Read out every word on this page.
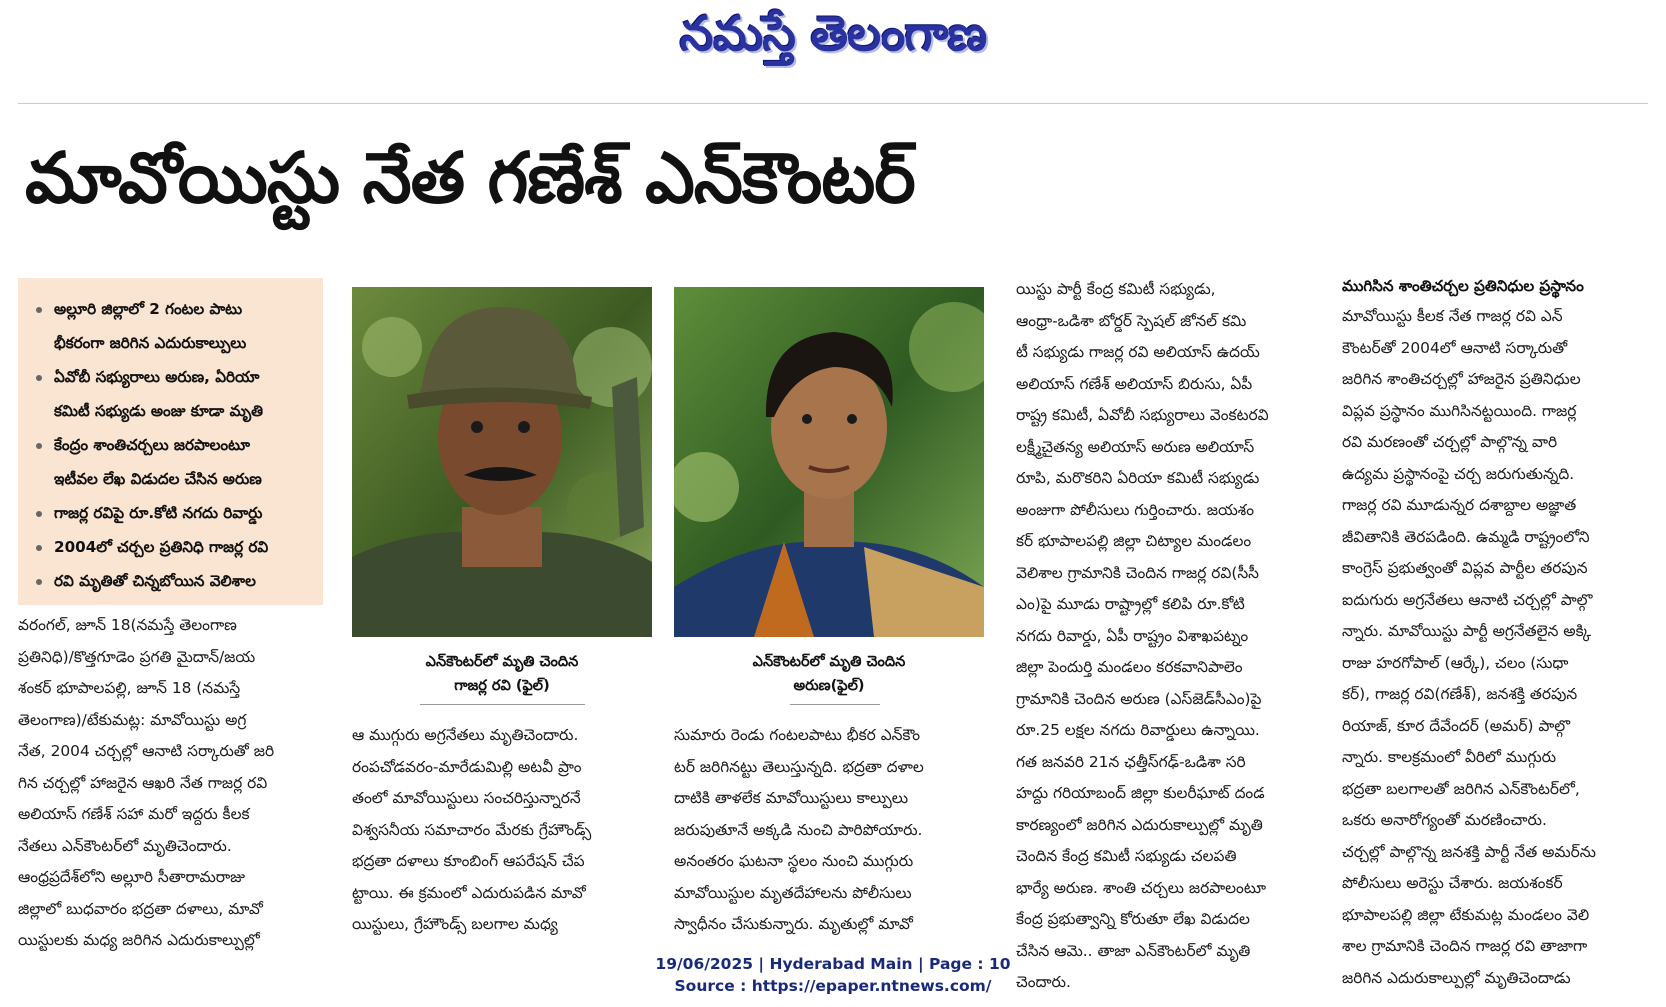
నమస్తే తెలంగాణ
మావోయిస్టు నేత గణేశ్ ఎన్‌కౌంటర్
అల్లూరి జిల్లాలో 2 గంటల పాటు
భీకరంగా జరిగిన ఎదురుకాల్పులు
ఏవోబీ సభ్యురాలు అరుణ, ఏరియా
కమిటీ సభ్యుడు అంజు కూడా మృతి
కేంద్రం శాంతిచర్చలు జరపాలంటూ
ఇటీవల లేఖ విడుదల చేసిన అరుణ
గాజర్ల రవిపై రూ.కోటి నగదు రివార్డు
2004లో చర్చల ప్రతినిధి గాజర్ల రవి
రవి మృతితో చిన్నబోయిన వెలిశాల

వరంగల్, జూన్ 18(నమస్తే తెలంగాణ

ప్రతినిధి)/కొత్తగూడెం ప్రగతి మైదాన్/జయ

శంకర్ భూపాలపల్లి, జూన్ 18 (నమస్తే

తెలంగాణ)/టేకుమట్ల: మావోయిస్టు అగ్ర

నేత, 2004 చర్చల్లో ఆనాటి సర్కారుతో జరి

గిన చర్చల్లో హాజరైన ఆఖరి నేత గాజర్ల రవి

అలియాస్ గణేశ్ సహా మరో ఇద్దరు కీలక

నేతలు ఎన్‌కౌంటర్‌లో మృతిచెందారు.

ఆంధ్రప్రదేశ్‌లోని అల్లూరి సీతారామరాజు

జిల్లాలో బుధవారం భద్రతా దళాలు, మావో

యిస్టులకు మధ్య జరిగిన ఎదురుకాల్పుల్లో

ఎన్‌కౌంటర్‌లో మృతి చెందిన
గాజర్ల రవి (ఫైల్)
ఎన్‌కౌంటర్‌లో మృతి చెందిన
అరుణ(ఫైల్)

ఆ ముగ్గురు అగ్రనేతలు మృతిచెందారు.

రంపచోడవరం-మారేడుమిల్లి అటవీ ప్రాం

తంలో మావోయిస్టులు సంచరిస్తున్నారనే

విశ్వసనీయ సమాచారం మేరకు గ్రేహౌండ్స్

భద్రతా దళాలు కూంబింగ్ ఆపరేషన్ చేప

ట్టాయి. ఈ క్రమంలో ఎదురుపడిన మావో

యిస్టులు, గ్రేహౌండ్స్ బలగాల మధ్య

సుమారు రెండు గంటలపాటు భీకర ఎన్‌కౌం

టర్ జరిగినట్టు తెలుస్తున్నది. భద్రతా దళాల

దాటికి తాళలేక మావోయిస్టులు కాల్పులు

జరుపుతూనే అక్కడి నుంచి పారిపోయారు.

అనంతరం ఘటనా స్థలం నుంచి ముగ్గురు

మావోయిస్టుల మృతదేహాలను పోలీసులు

స్వాధీనం చేసుకున్నారు. మృతుల్లో మావో

యిస్టు పార్టీ కేంద్ర కమిటీ సభ్యుడు,

ఆంధ్రా-ఒడిశా బోర్డర్ స్పెషల్ జోనల్ కమి

టీ సభ్యుడు గాజర్ల రవి అలియాస్ ఉదయ్

అలియాస్ గణేశ్ అలియాస్ బిరుసు, ఏపీ

రాష్ట్ర కమిటీ, ఏవోబీ సభ్యురాలు వెంకటరవి

లక్ష్మీచైతన్య అలియాస్ అరుణ అలియాస్

రూపి, మరొకరిని ఏరియా కమిటీ సభ్యుడు

అంజుగా పోలీసులు గుర్తించారు. జయశం

కర్ భూపాలపల్లి జిల్లా చిట్యాల మండలం

వెలిశాల గ్రామానికి చెందిన గాజర్ల రవి(సీసీ

ఎం)పై మూడు రాష్ట్రాల్లో కలిపి రూ.కోటి

నగదు రివార్డు, ఏపీ రాష్ట్రం విశాఖపట్నం

జిల్లా పెందుర్తి మండలం కరకవానిపాలెం

గ్రామానికి చెందిన అరుణ (ఎస్‌జెడ్‌సీఎం)పై

రూ.25 లక్షల నగదు రివార్డులు ఉన్నాయి.

గత జనవరి 21న ఛత్తీస్‌గఢ్-ఒడిశా సరి

హద్దు గరియాబంద్ జిల్లా కులరీఘాట్ దండ

కారణ్యంలో జరిగిన ఎదురుకాల్పుల్లో మృతి

చెందిన కేంద్ర కమిటీ సభ్యుడు చలపతి

భార్యే అరుణ. శాంతి చర్చలు జరపాలంటూ

కేంద్ర ప్రభుత్వాన్ని కోరుతూ లేఖ విడుదల

చేసిన ఆమె.. తాజా ఎన్‌కౌంటర్‌లో మృతి

చెందారు.

ముగిసిన శాంతిచర్చల ప్రతినిధుల ప్రస్థానం

మావోయిస్టు కీలక నేత గాజర్ల రవి ఎన్

కౌంటర్‌తో 2004లో ఆనాటి సర్కారుతో

జరిగిన శాంతిచర్చల్లో హాజరైన ప్రతినిధుల

విప్లవ ప్రస్థానం ముగిసినట్టయింది. గాజర్ల

రవి మరణంతో చర్చల్లో పాల్గొన్న వారి

ఉద్యమ ప్రస్థానంపై చర్చ జరుగుతున్నది.

గాజర్ల రవి మూడున్నర దశాబ్దాల అజ్ఞాత

జీవితానికి తెరపడింది. ఉమ్మడి రాష్ట్రంలోని

కాంగ్రెస్ ప్రభుత్వంతో విప్లవ పార్టీల తరపున

ఐదుగురు అగ్రనేతలు ఆనాటి చర్చల్లో పాల్గొ

న్నారు. మావోయిస్టు పార్టీ అగ్రనేతలైన అక్కి

రాజు హరగోపాల్ (ఆర్కే), చలం (సుధా

కర్), గాజర్ల రవి(గణేశ్), జనశక్తి తరపున

రియాజ్, కూర దేవేందర్ (అమర్) పాల్గొ

న్నారు. కాలక్రమంలో వీరిలో ముగ్గురు

భద్రతా బలగాలతో జరిగిన ఎన్‌కౌంటర్‌లో,

ఒకరు అనారోగ్యంతో మరణించారు.

చర్చల్లో పాల్గొన్న జనశక్తి పార్టీ నేత అమర్‌ను

పోలీసులు అరెస్టు చేశారు. జయశంకర్

భూపాలపల్లి జిల్లా టేకుమట్ల మండలం వెలి

శాల గ్రామానికి చెందిన గాజర్ల రవి తాజాగా

జరిగిన ఎదురుకాల్పుల్లో మృతిచెందాడు

19/06/2025 | Hyderabad Main | Page : 10
Source : https://epaper.ntnews.com/
